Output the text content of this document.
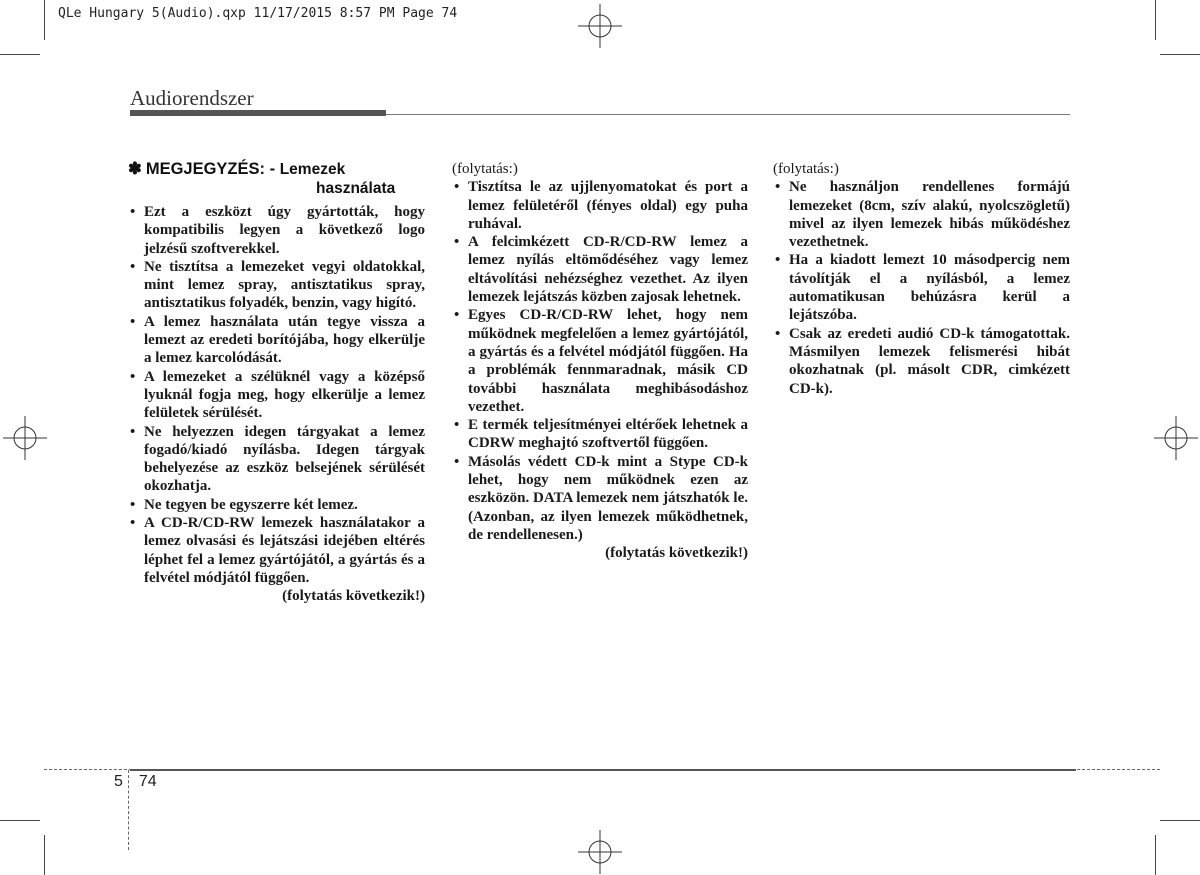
QLe Hungary 5(Audio).qxp 11/17/2015 8:57 PM Page 74
Audiorendszer
✽ MEGJEGYZÉS: - Lemezek
használata
• Ezt a eszközt úgy gyártották, hogy kompatibilis legyen a következő logo jelzésű szoftverekkel.
• Ne tisztítsa a lemezeket vegyi oldatokkal, mint lemez spray, antisztatikus spray, antisztatikus folyadék, benzin, vagy higító.
• A lemez használata után tegye vissza a lemezt az eredeti borítójába, hogy elkerülje a lemez karcolódását.
• A lemezeket a szélüknél vagy a középső lyuknál fogja meg, hogy elkerülje a lemez felületek sérülését.
• Ne helyezzen idegen tárgyakat a lemez fogadó/kiadó nyílásba. Idegen tárgyak behelyezése az eszköz belsejének sérülését okozhatja.
• Ne tegyen be egyszerre két lemez.
• A CD-R/CD-RW lemezek használatakor a lemez olvasási és lejátszási idejében eltérés léphet fel a lemez gyártójától, a gyártás és a felvétel módjától függően.
(folytatás következik!)
(folytatás:)
• Tisztítsa le az ujjlenyomatokat és port a lemez felületéről (fényes oldal) egy puha ruhával.
• A felcimkézett CD-R/CD-RW lemez a lemez nyílás eltömődéséhez vagy lemez eltávolítási nehézséghez vezethet. Az ilyen lemezek lejátszás közben zajosak lehetnek.
• Egyes CD-R/CD-RW lehet, hogy nem működnek megfelelően a lemez gyártójától, a gyártás és a felvétel módjától függően. Ha a problémák fennmaradnak, másik CD további használata meghibásodáshoz vezethet.
• E termék teljesítményei eltérőek lehetnek a CDRW meghajtó szoftvertől függően.
• Másolás védett CD-k mint a Stype CD-k lehet, hogy nem működnek ezen az eszközön. DATA lemezek nem játszhatók le. (Azonban, az ilyen lemezek működhetnek, de rendellenesen.)
(folytatás következik!)
(folytatás:)
• Ne használjon rendellenes formájú lemezeket (8cm, szív alakú, nyolcszögletű) mivel az ilyen lemezek hibás működéshez vezethetnek.
• Ha a kiadott lemezt 10 másodpercig nem távolítják el a nyílásból, a lemez automatikusan behúzásra kerül a lejátszóba.
• Csak az eredeti audió CD-k támogatottak. Másmilyen lemezek felismerési hibát okozhatnak (pl. másolt CDR, cimkézett CD-k).
5 74
